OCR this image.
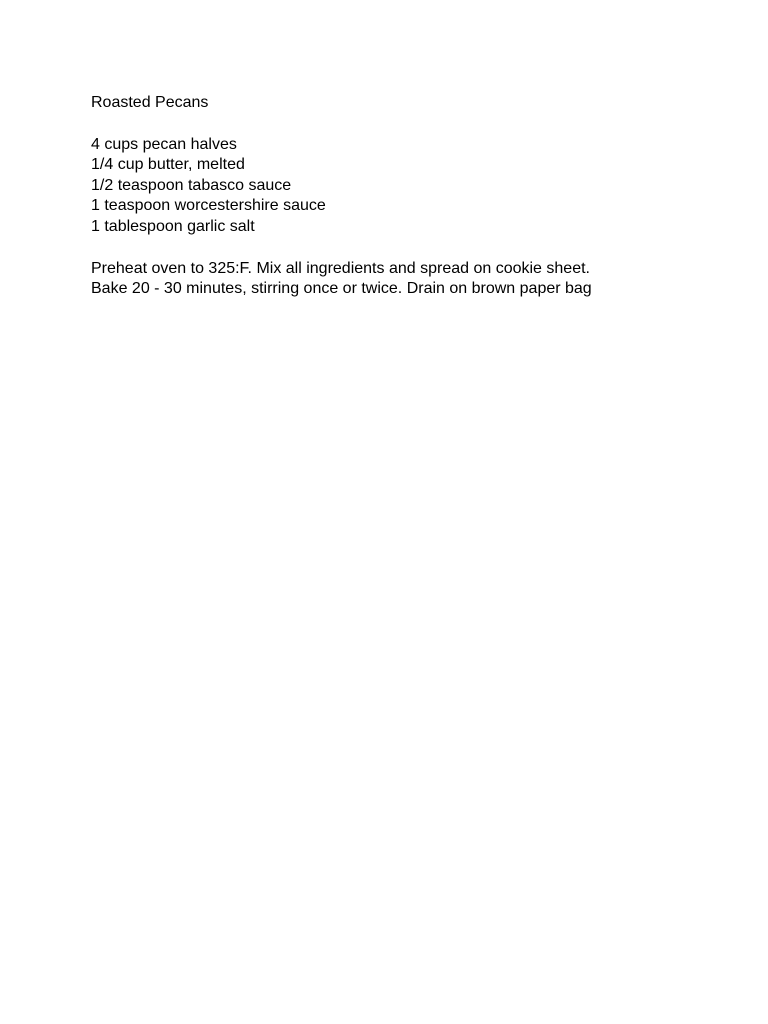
Roasted Pecans

4 cups pecan halves
1/4 cup butter, melted
1/2 teaspoon tabasco sauce
1 teaspoon worcestershire sauce
1 tablespoon garlic salt

Preheat oven to 325:F. Mix all ingredients and spread on cookie sheet.

Bake 20 - 30 minutes, stirring once or twice. Drain on brown paper bag
